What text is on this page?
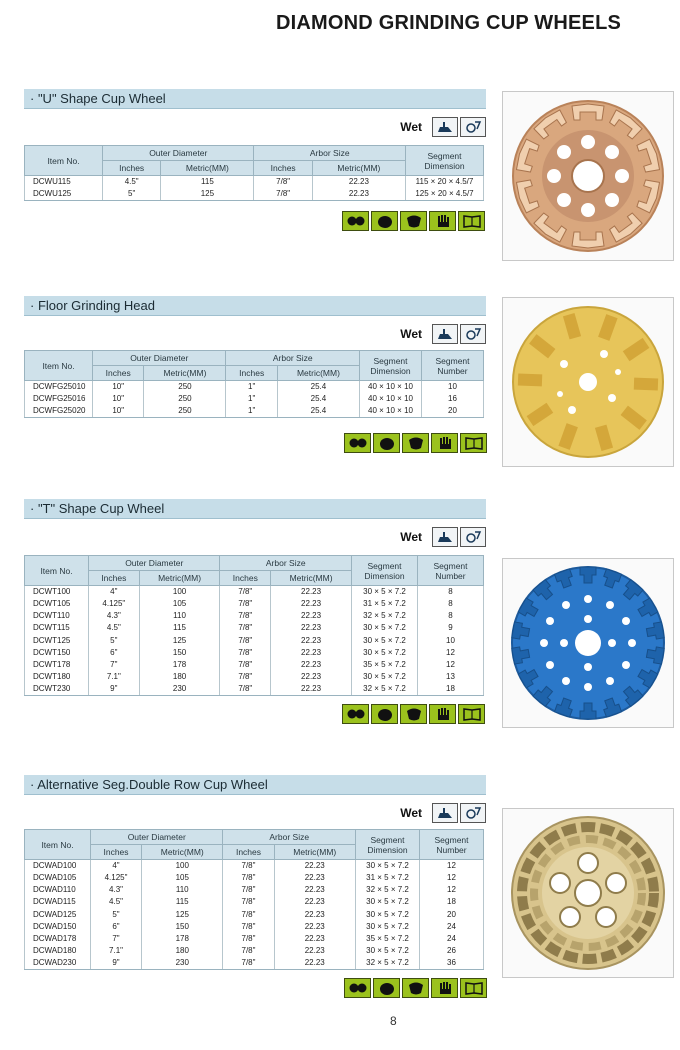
DIAMOND GRINDING CUP WHEELS
· "U" Shape Cup Wheel
Wet
Item No.	Outer Diameter		Arbor Size		Segment Dimension
	Inches	Metric(MM)	Inches	Metric(MM)	
DCWU115	4.5"	115	7/8"	22.23	115 × 20 × 4.5/7
DCWU125	5"	125	7/8"	22.23	125 × 20 × 4.5/7
· Floor Grinding Head
Wet
Item No.	Outer Diameter		Arbor Size		Segment Dimension	Segment Number
	Inches	Metric(MM)	Inches	Metric(MM)		
DCWFG25010	10"	250	1"	25.4	40 × 10 × 10	10
DCWFG25016	10"	250	1"	25.4	40 × 10 × 10	16
DCWFG25020	10"	250	1"	25.4	40 × 10 × 10	20
· "T" Shape Cup Wheel
Wet
Item No.	Outer Diameter		Arbor Size		Segment Dimension	Segment Number
	Inches	Metric(MM)	Inches	Metric(MM)		
DCWT100	4"	100	7/8"	22.23	30 × 5 × 7.2	8
DCWT105	4.125"	105	7/8"	22.23	31 × 5 × 7.2	8
DCWT110	4.3"	110	7/8"	22.23	32 × 5 × 7.2	8
DCWT115	4.5"	115	7/8"	22.23	30 × 5 × 7.2	9
DCWT125	5"	125	7/8"	22.23	30 × 5 × 7.2	10
DCWT150	6"	150	7/8"	22.23	30 × 5 × 7.2	12
DCWT178	7"	178	7/8"	22.23	35 × 5 × 7.2	12
DCWT180	7.1"	180	7/8"	22.23	30 × 5 × 7.2	13
DCWT230	9"	230	7/8"	22.23	32 × 5 × 7.2	18
· Alternative Seg.Double Row Cup Wheel
Wet
Item No.	Outer Diameter		Arbor Size		Segment Dimension	Segment Number
	Inches	Metric(MM)	Inches	Metric(MM)		
DCWAD100	4"	100	7/8"	22.23	30 × 5 × 7.2	12
DCWAD105	4.125"	105	7/8"	22.23	31 × 5 × 7.2	12
DCWAD110	4.3"	110	7/8"	22.23	32 × 5 × 7.2	12
DCWAD115	4.5"	115	7/8"	22.23	30 × 5 × 7.2	18
DCWAD125	5"	125	7/8"	22.23	30 × 5 × 7.2	20
DCWAD150	6"	150	7/8"	22.23	30 × 5 × 7.2	24
DCWAD178	7"	178	7/8"	22.23	35 × 5 × 7.2	24
DCWAD180	7.1"	180	7/8"	22.23	30 × 5 × 7.2	26
DCWAD230	9"	230	7/8"	22.23	32 × 5 × 7.2	36
8
